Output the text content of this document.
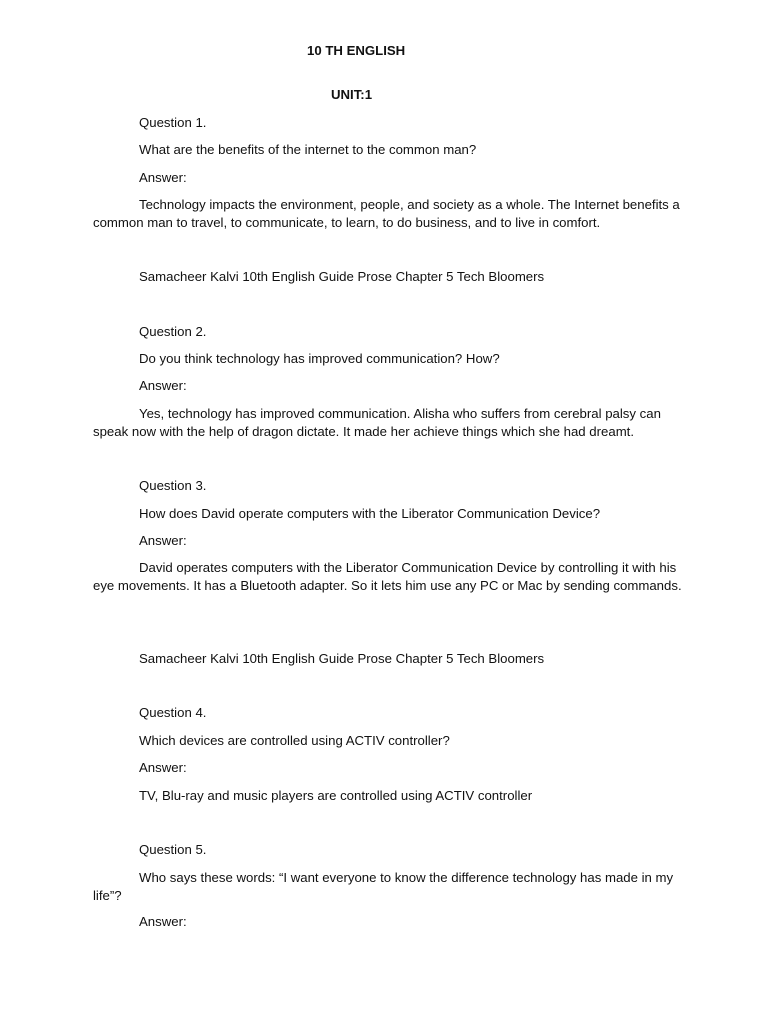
10 TH ENGLISH

UNIT:1

Question 1.

What are the benefits of the internet to the common man?

Answer:

Technology impacts the environment, people, and society as a whole. The Internet benefits a common man to travel, to communicate, to learn, to do business, and to live in comfort.

Samacheer Kalvi 10th English Guide Prose Chapter 5 Tech Bloomers

Question 2.

Do you think technology has improved communication? How?

Answer:

Yes, technology has improved communication. Alisha who suffers from cerebral palsy can speak now with the help of dragon dictate. It made her achieve things which she had dreamt.

Question 3.

How does David operate computers with the Liberator Communication Device?

Answer:

David operates computers with the Liberator Communication Device by controlling it with his eye movements. It has a Bluetooth adapter. So it lets him use any PC or Mac by sending commands.

Samacheer Kalvi 10th English Guide Prose Chapter 5 Tech Bloomers

Question 4.

Which devices are controlled using ACTIV controller?

Answer:

TV, Blu-ray and music players are controlled using ACTIV controller

Question 5.

Who says these words: “I want everyone to know the difference technology has made in my life”?

Answer:
